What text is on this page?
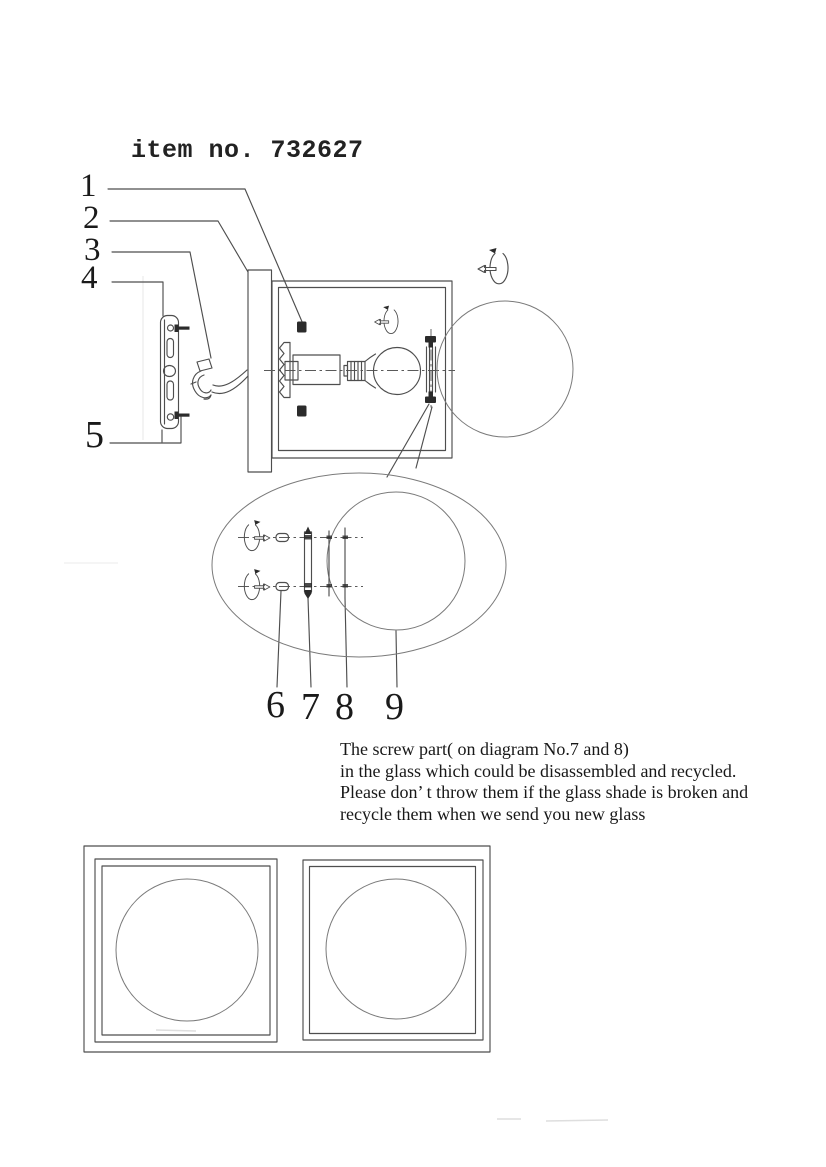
item no. 732627
1
2
3
4
5
6 7 8 9
The screw part( on diagram No.7 and 8)
in the glass which could be disassembled and recycled.
Please don’ t throw them if the glass shade is broken and
recycle them when we send you new glass
